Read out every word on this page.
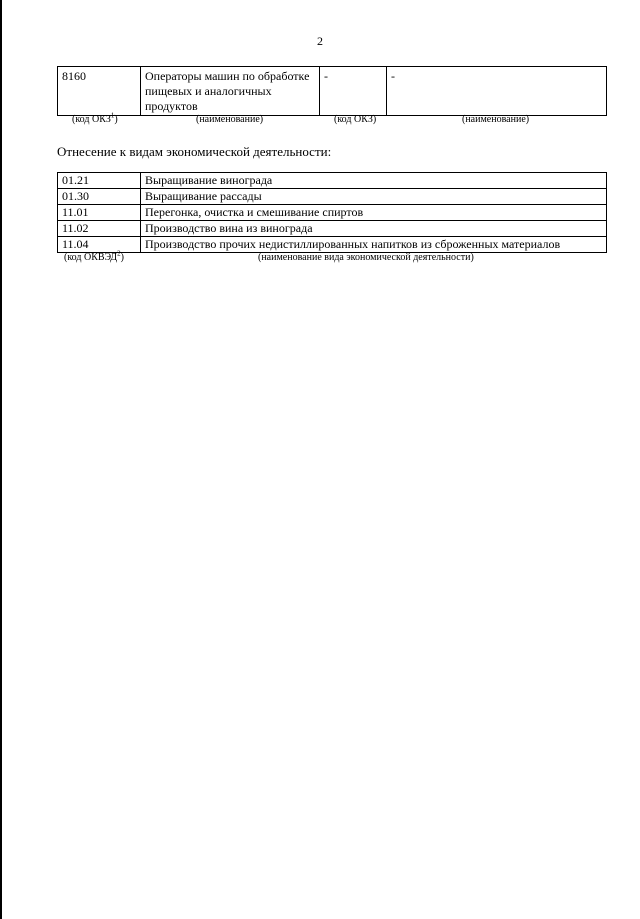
2
8160	Операторы машин по обработке пищевых и аналогичных продуктов	-	-
(код ОКЗ$^1$)	(наименование)	(код ОКЗ)	(наименование)
Отнесение к видам экономической деятельности:
01.21	Выращивание винограда
01.30	Выращивание рассады
11.01	Перегонка, очистка и смешивание спиртов
11.02	Производство вина из винограда
11.04	Производство прочих недистиллированных напитков из сброженных материалов
(код ОКВЭД$^2$)	(наименование вида экономической деятельности)
